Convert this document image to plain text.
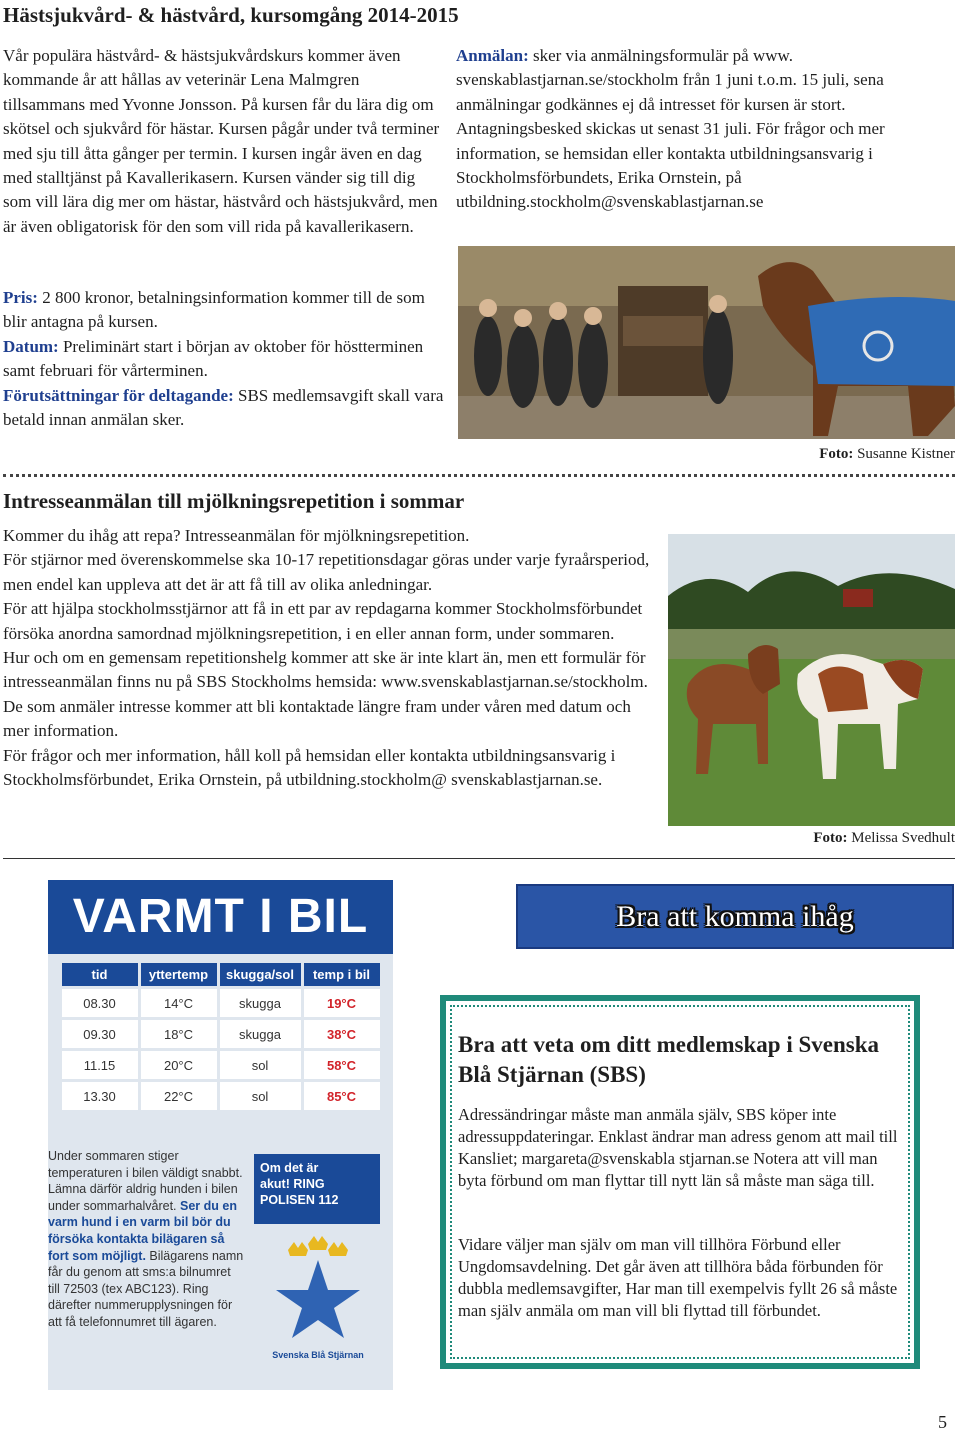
Hästsjukvård- & hästvård, kursomgång 2014-2015

Vår populära hästvård- & hästsjukvårdskurs kommer även kommande år att hållas av veterinär Lena Malmgren tillsammans med Yvonne Jonsson. På kursen får du lära dig om skötsel och sjukvård för hästar. Kursen pågår under två terminer med sju till åtta gånger per termin. I kursen ingår även en dag med stalltjänst på Kavallerikasern. Kursen vänder sig till dig som vill lära dig mer om hästar, hästvård och hästsjukvård, men är även obligatorisk för den som vill rida på kavallerikasern.

Pris: 2 800 kronor, betalningsinformation kommer till de som blir antagna på kursen.

Datum: Preliminärt start i början av oktober för höstterminen samt februari för vårterminen.

Förutsättningar för deltagande: SBS medlemsavgift skall vara betald innan anmälan sker.

Anmälan: sker via anmälningsformulär på www. svenskablastjarnan.se/stockholm från 1 juni t.o.m. 15 juli, sena anmälningar godkännes ej då intresset för kursen är stort. Antagningsbesked skickas ut senast 31 juli. För frågor och mer information, se hemsidan eller kontakta utbildningsansvarig i Stockholmsförbundets, Erika Ornstein, på utbildning.stockholm@svenskablastjarnan.se

Foto: Susanne Kistner
Intresseanmälan till mjölkningsrepetition i sommar

Kommer du ihåg att repa? Intresseanmälan för mjölkningsrepetition.

För stjärnor med överenskommelse ska 10-17 repetitionsdagar göras under varje fyraårsperiod, men endel kan uppleva att det är att få till av olika anledningar.

För att hjälpa stockholmsstjärnor att få in ett par av repdagarna kommer Stockholmsförbundet försöka anordna samordnad mjölkningsrepetition, i en eller annan form, under sommaren.

Hur och om en gemensam repetitionshelg kommer att ske är inte klart än, men ett formulär för intresseanmälan finns nu på SBS Stockholms hemsida: www.svenskablastjarnan.se/stockholm. De som anmäler intresse kommer att bli kontaktade längre fram under våren med datum och mer information.

För frågor och mer information, håll koll på hemsidan eller kontakta utbildningsansvarig i Stockholmsförbundet, Erika Ornstein, på utbildning.stockholm@ svenskablastjarnan.se.

Foto: Melissa Svedhult
VARMT I BIL
tid	yttertemp	skugga/sol	temp i bil
08.30	14°C	skugga	19°C
09.30	18°C	skugga	38°C
11.15	20°C	sol	58°C
13.30	22°C	sol	85°C
Under sommaren stiger temperaturen i bilen väldigt snabbt. Lämna därför aldrig hunden i bilen under sommarhalvåret. Ser du en varm hund i en varm bil bör du försöka kontakta bilägaren så fort som möjligt. Bilägarens namn får du genom att sms:a bilnumret till 72503 (tex ABC123). Ring därefter nummerupplysningen för att få telefonnumret till ägaren.
Om det är
akut! RING
POLISEN 112
Svenska Blå Stjärnan
Bra att komma ihåg
Bra att veta om ditt medlemskap i Svenska Blå Stjärnan (SBS)

Adressändringar måste man anmäla själv, SBS köper inte adressuppdateringar. Enklast ändrar man adress genom att mail till Kansliet; margareta@svenskabla stjarnan.se Notera att vill man byta förbund om man flyttar till nytt län så måste man säga till.

Vidare väljer man själv om man vill tillhöra Förbund eller Ungdomsavdelning. Det går även att tillhöra båda förbunden för dubbla medlemsavgifter, Har man till exempelvis fyllt 26 så måste man själv anmäla om man vill bli flyttad till förbundet.

5
